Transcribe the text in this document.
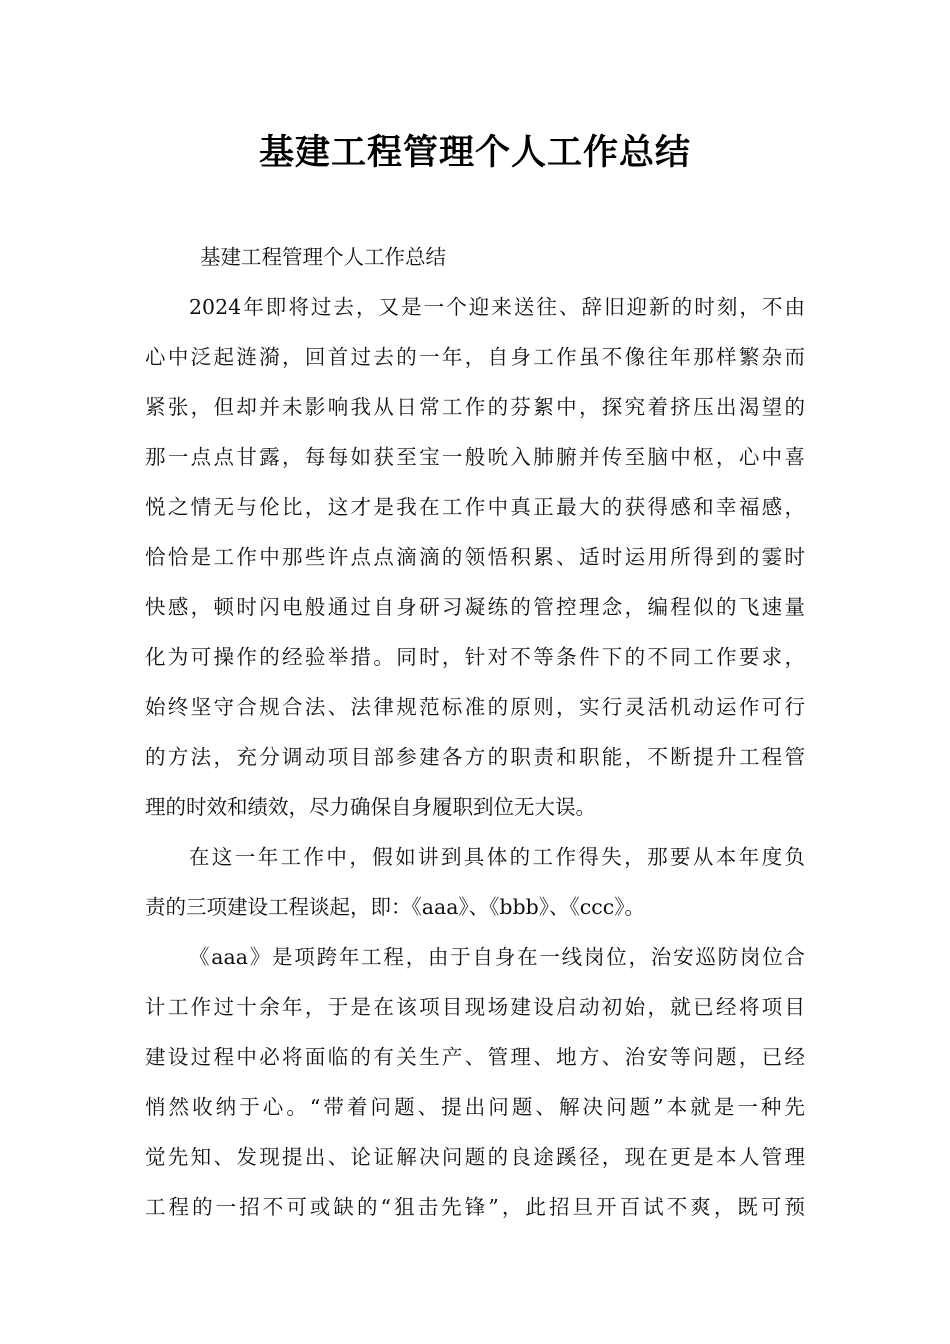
基建工程管理个人工作总结
基建工程管理个人工作总结
2024年即将过去，又是一个迎来送往、辞旧迎新的时刻，不由
心中泛起涟漪，回首过去的一年，自身工作虽不像往年那样繁杂而
紧张，但却并未影响我从日常工作的芬絮中，探究着挤压出渴望的
那一点点甘露，每每如获至宝一般吮入肺腑并传至脑中枢，心中喜
悦之情无与伦比，这才是我在工作中真正最大的获得感和幸福感，
恰恰是工作中那些许点点滴滴的领悟积累、适时运用所得到的霎时
快感，顿时闪电般通过自身研习凝练的管控理念，编程似的飞速量
化为可操作的经验举措。同时，针对不等条件下的不同工作要求，
始终坚守合规合法、法律规范标准的原则，实行灵活机动运作可行
的方法，充分调动项目部参建各方的职责和职能，不断提升工程管
理的时效和绩效，尽力确保自身履职到位无大误。
在这一年工作中，假如讲到具体的工作得失，那要从本年度负
责的三项建设工程谈起，即：《aaa》、《bbb》、《ccc》。
《aaa》是项跨年工程，由于自身在一线岗位，治安巡防岗位合
计工作过十余年，于是在该项目现场建设启动初始，就已经将项目
建设过程中必将面临的有关生产、管理、地方、治安等问题，已经
悄然收纳于心。“带着问题、提出问题、解决问题”本就是一种先
觉先知、发现提出、论证解决问题的良途蹊径，现在更是本人管理
工程的一招不可或缺的“狙击先锋”，此招旦开百试不爽，既可预
